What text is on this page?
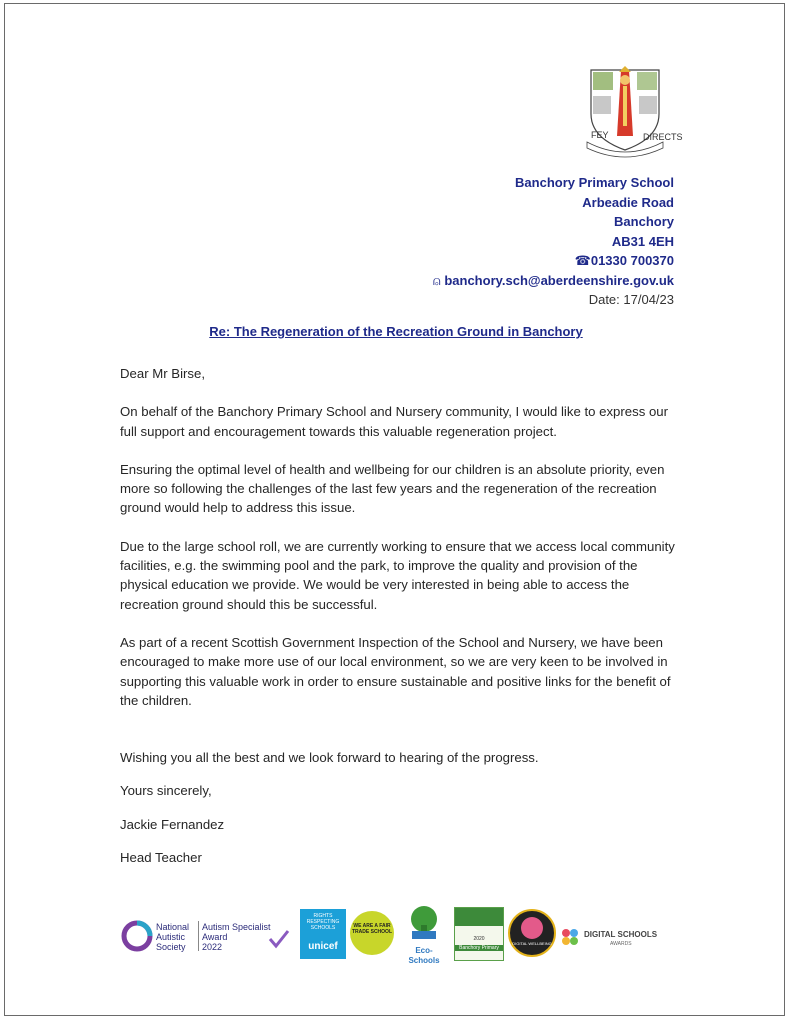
FEY	DIRECTS
Banchory Primary School
Arbeadie Road
Banchory
AB31 4EH
☎01330 700370
⍝ banchory.sch@aberdeenshire.gov.uk
Date: 17/04/23
Re: The Regeneration of the Recreation Ground in Banchory

Dear Mr Birse,

On behalf of the Banchory Primary School and Nursery community, I would like to express our full support and encouragement towards this valuable regeneration project.

Ensuring the optimal level of health and wellbeing for our children is an absolute priority, even more so following the challenges of the last few years and the regeneration of the recreation ground would help to address this issue.

Due to the large school roll, we are currently working to ensure that we access local community facilities, e.g. the swimming pool and the park, to improve the quality and provision of the physical education we provide. We would be very interested in being able to access the recreation ground should this be successful.

As part of a recent Scottish Government Inspection of the School and Nursery, we have been encouraged to make more use of our local environment, so we are very keen to be involved in supporting this valuable work in order to ensure sustainable and positive links for the benefit of the children.

Wishing you all the best and we look forward to hearing of the progress.

Yours sincerely,

Jackie Fernandez

Head Teacher

National
Autistic
Society
Autism Specialist
Award
2022
RIGHTS RESPECTING SCHOOLS
unicef
WE ARE A FAIR TRADE SCHOOL
Eco-Schools
2020
Banchory Primary
DIGITAL WELLBEING
DIGITAL SCHOOLS
AWARDS
